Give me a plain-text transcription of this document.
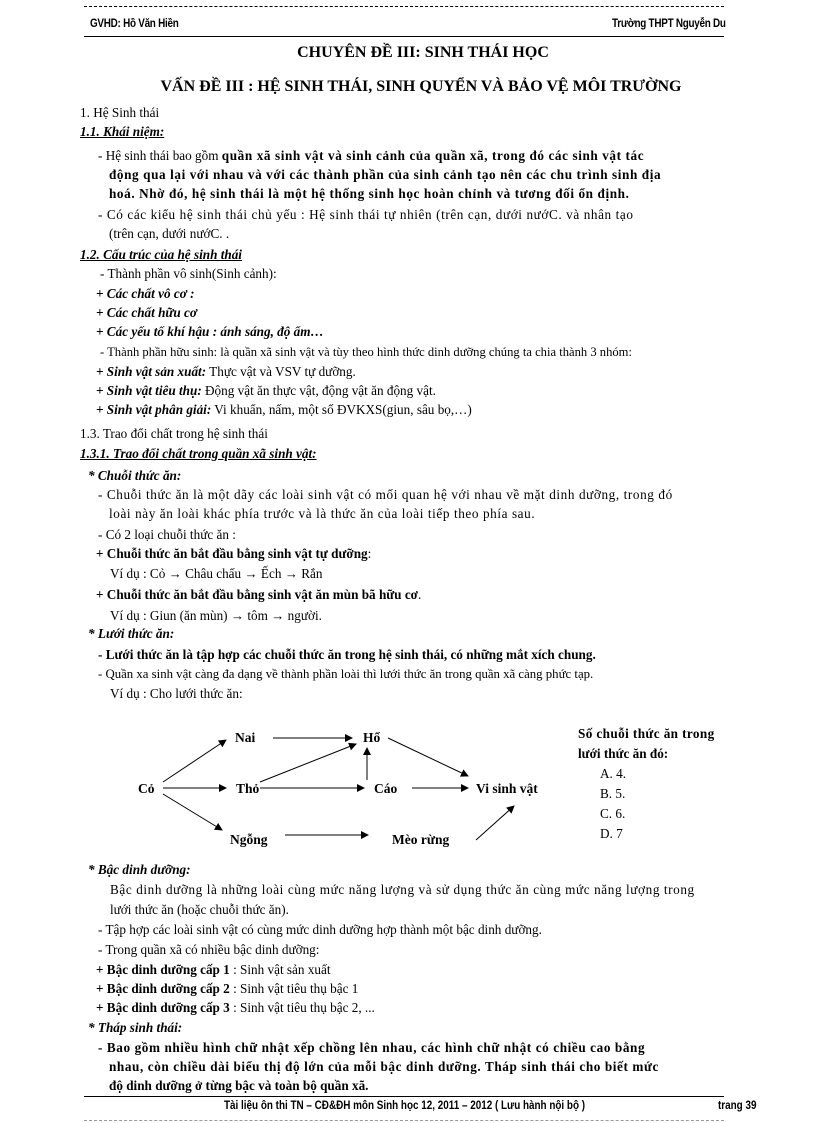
GVHD: Hồ Văn Hiền	Trường THPT Nguyễn Du
CHUYÊN ĐỀ III: SINH THÁI HỌC
VẤN ĐỀ III : HỆ SINH THÁI, SINH QUYỂN VÀ BẢO VỆ MÔI TRƯỜNG
1. Hệ Sinh thái
1.1. Khái niệm:
- Hệ sinh thái bao gồm quần xã sinh vật và sinh cảnh của quần xã, trong đó các sinh vật tác
động qua lại với nhau và với các thành phần của sinh cảnh tạo nên các chu trình sinh địa
hoá. Nhờ đó, hệ sinh thái là một hệ thống sinh học hoàn chỉnh và tương đối ổn định.
- Có các kiểu hệ sinh thái chủ yếu : Hệ sinh thái tự nhiên (trên cạn, dưới nướC. và nhân tạo
(trên cạn, dưới nướC. .
1.2. Cấu trúc của hệ sinh thái
- Thành phần vô sinh(Sinh cảnh):
+ Các chất vô cơ :
+ Các chất hữu cơ
+ Các yếu tố khí hậu : ánh sáng, độ ẩm…
- Thành phần hữu sinh: là quần xã sinh vật và tùy theo hình thức dinh dưỡng chúng ta chia thành 3 nhóm:
+ Sinh vật sản xuất: Thực vật và VSV tự dưỡng.
+ Sinh vật tiêu thụ: Động vật ăn thực vật, động vật ăn động vật.
+ Sinh vật phân giải: Vi khuẩn, nấm, một số ĐVKXS(giun, sâu bọ,…)
1.3. Trao đổi chất trong hệ sinh thái
1.3.1. Trao đổi chất trong quần xã sinh vật:
* Chuỗi thức ăn:
- Chuỗi thức ăn là một dãy các loài sinh vật có mối quan hệ với nhau về mặt dinh dưỡng, trong đó
loài này ăn loài khác phía trước và là thức ăn của loài tiếp theo phía sau.
- Có 2 loại chuỗi thức ăn :
+ Chuỗi thức ăn bắt đầu bằng sinh vật tự dưỡng:
Ví dụ : Cỏ → Châu chấu → Ếch → Rắn
+ Chuỗi thức ăn bắt đầu bằng sinh vật ăn mùn bã hữu cơ.
Ví dụ : Giun (ăn mùn) → tôm → người.
* Lưới thức ăn:
- Lưới thức ăn là tập hợp các chuỗi thức ăn trong hệ sinh thái, có những mắt xích chung.
- Quần xa sinh vật càng đa dạng về thành phần loài thì lưới thức ăn trong quần xã càng phức tạp.
Ví dụ : Cho lưới thức ăn:
Cỏ
Nai
Thỏ
Ngỗng
Hổ
Cáo
Mèo rừng
Vi sinh vật
Số chuỗi thức ăn trong
lưới thức ăn đó:
A. 4.
B. 5.
C. 6.
D. 7
* Bậc dinh dưỡng:
Bậc dinh dưỡng là những loài cùng mức năng lượng và sử dụng thức ăn cùng mức năng lượng trong
lưới thức ăn (hoặc chuỗi thức ăn).
- Tập hợp các loài sinh vật có cùng mức dinh dưỡng hợp thành một bậc dinh dưỡng.
- Trong quần xã có nhiều bậc dinh dưỡng:
+ Bậc dinh dưỡng cấp 1 : Sinh vật sản xuất
+ Bậc dinh dưỡng cấp 2 : Sinh vật tiêu thụ bậc 1
+ Bậc dinh dưỡng cấp 3 : Sinh vật tiêu thụ bậc 2, ...
* Tháp sinh thái:
- Bao gồm nhiều hình chữ nhật xếp chồng lên nhau, các hình chữ nhật có chiều cao bằng
nhau, còn chiều dài biểu thị độ lớn của mỗi bậc dinh dưỡng. Tháp sinh thái cho biết mức
độ dinh dưỡng ở từng bậc và toàn bộ quần xã.
Tài liệu ôn thi TN – CĐ&ĐH môn Sinh học 12, 2011 – 2012 ( Lưu hành nội bộ )	trang 39
